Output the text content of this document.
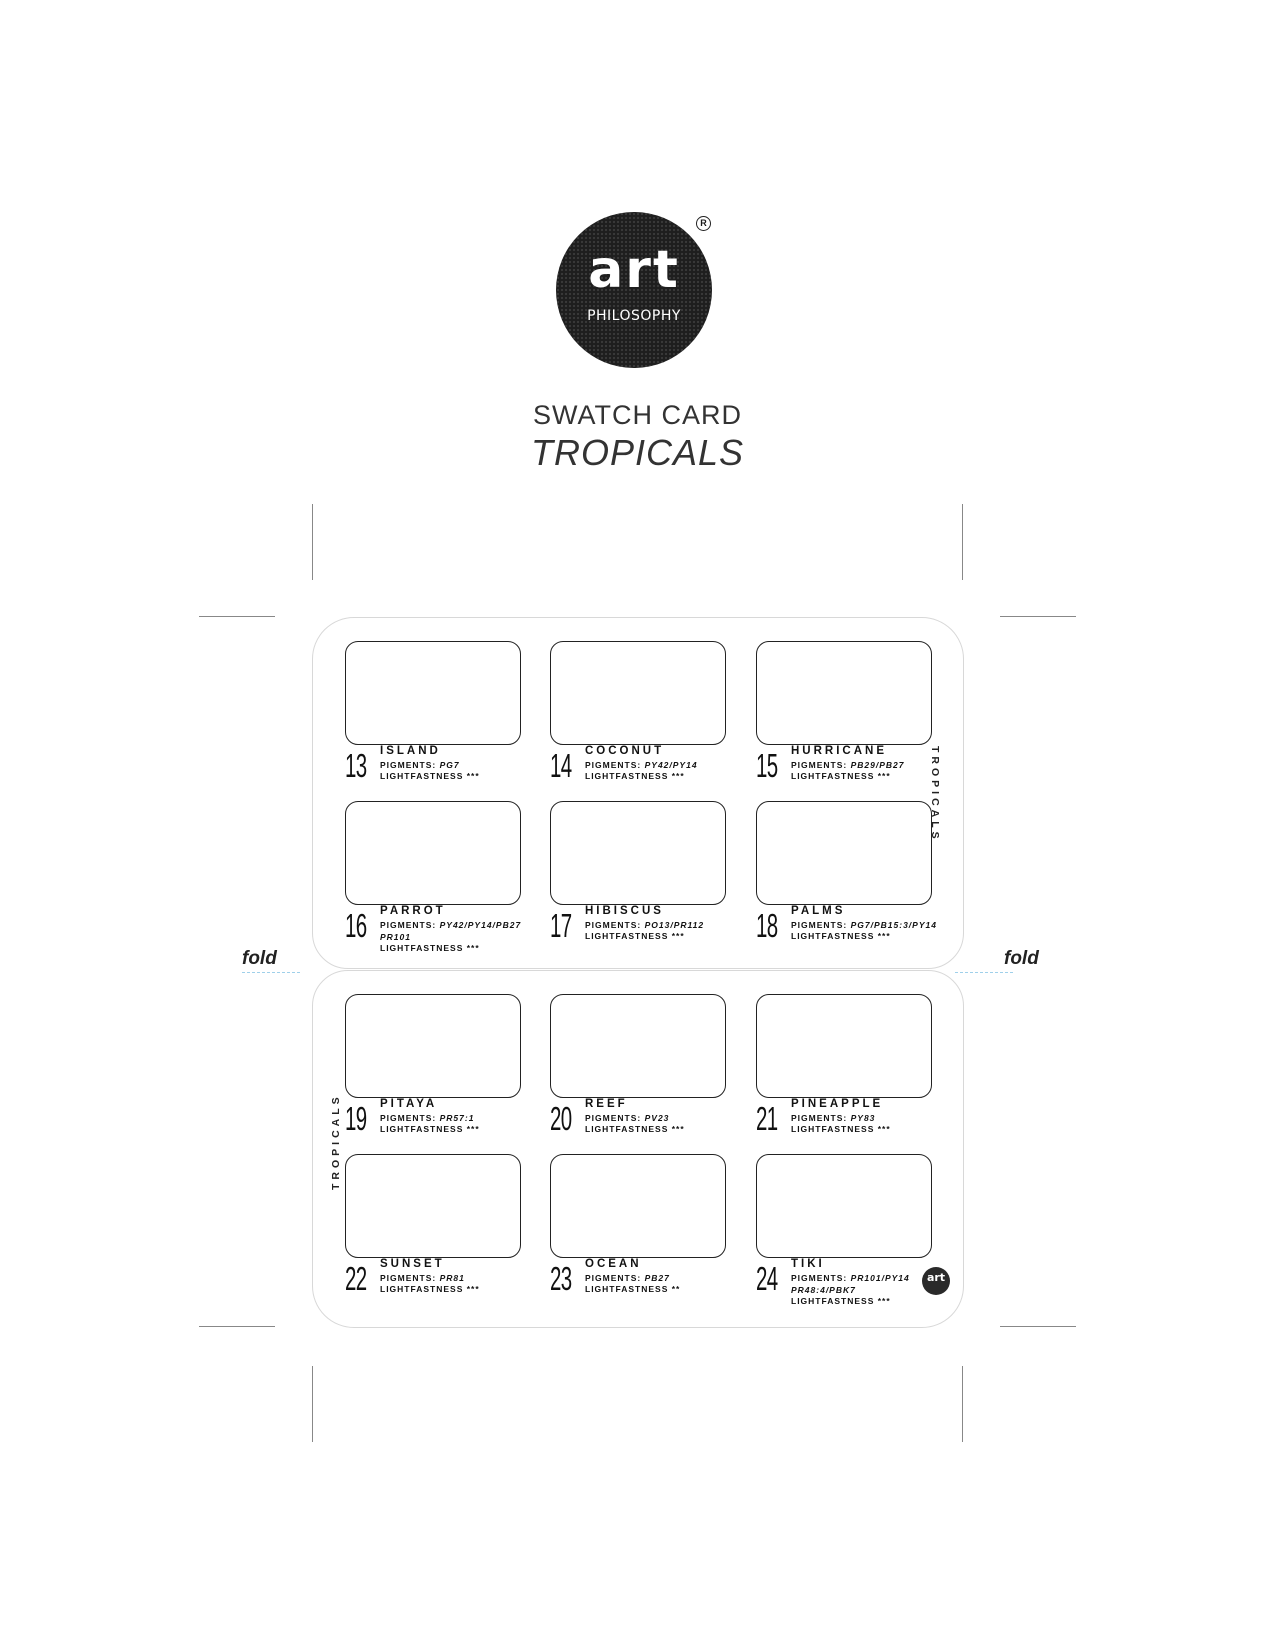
art
PHILOSOPHY
R
SWATCH CARD
TROPICALS
fold	fold
TROPICALS
TROPICALS
13 ISLAND
PIGMENTS: PG7
LIGHTFASTNESS *** 14 COCONUT
PIGMENTS: PY42/PY14
LIGHTFASTNESS *** 15 HURRICANE
PIGMENTS: PB29/PB27
LIGHTFASTNESS ***
16 PARROT
PIGMENTS: PY42/PY14/PB27
PR101
LIGHTFASTNESS ***
17 HIBISCUS
PIGMENTS: PO13/PR112
LIGHTFASTNESS *** 18 PALMS
PIGMENTS: PG7/PB15:3/PY14
LIGHTFASTNESS ***
19 PITAYA
PIGMENTS: PR57:1
LIGHTFASTNESS *** 20 REEF
PIGMENTS: PV23
LIGHTFASTNESS *** 21 PINEAPPLE
PIGMENTS: PY83
LIGHTFASTNESS ***
22 SUNSET
PIGMENTS: PR81
LIGHTFASTNESS *** 23 OCEAN
PIGMENTS: PB27
LIGHTFASTNESS ** 24 TIKI
PIGMENTS: PR101/PY14
PR48:4/PBK7
LIGHTFASTNESS ***
art
